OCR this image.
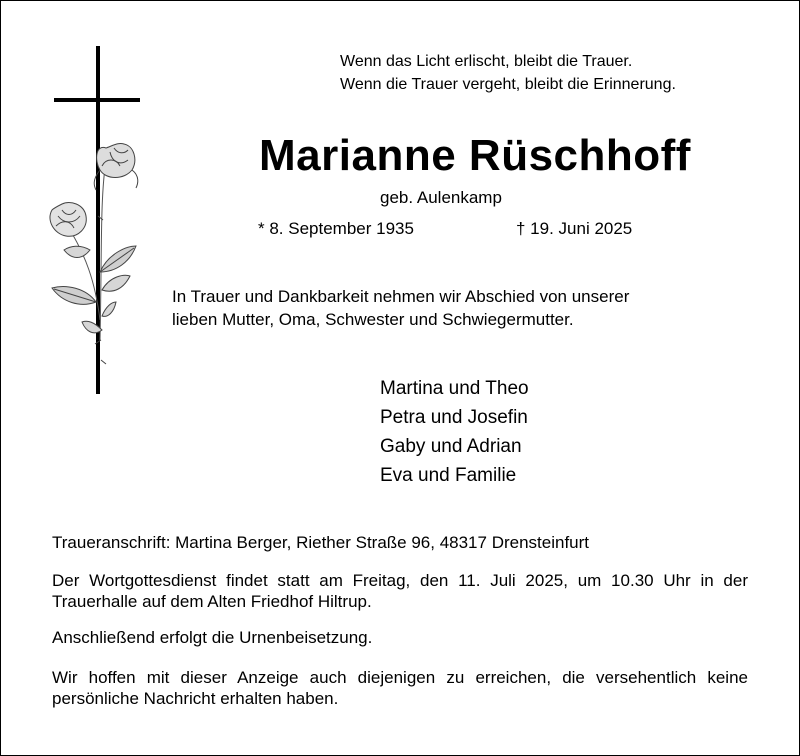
Wenn das Licht erlischt, bleibt die Trauer.
Wenn die Trauer vergeht, bleibt die Erinnerung.
Marianne Rüschhoff
geb. Aulenkamp
* 8. September 1935	† 19. Juni 2025
In Trauer und Dankbarkeit nehmen wir Abschied von unserer
lieben Mutter, Oma, Schwester und Schwiegermutter.
Martina und Theo
Petra und Josefin
Gaby und Adrian
Eva und Familie
Traueranschrift: Martina Berger, Riether Straße 96, 48317 Drensteinfurt
Der Wortgottesdienst findet statt am Freitag, den 11. Juli 2025, um 10.30 Uhr in der Trauerhalle auf dem Alten Friedhof Hiltrup.
Anschließend erfolgt die Urnenbeisetzung.
Wir hoffen mit dieser Anzeige auch diejenigen zu erreichen, die versehentlich keine persönliche Nachricht erhalten haben.
